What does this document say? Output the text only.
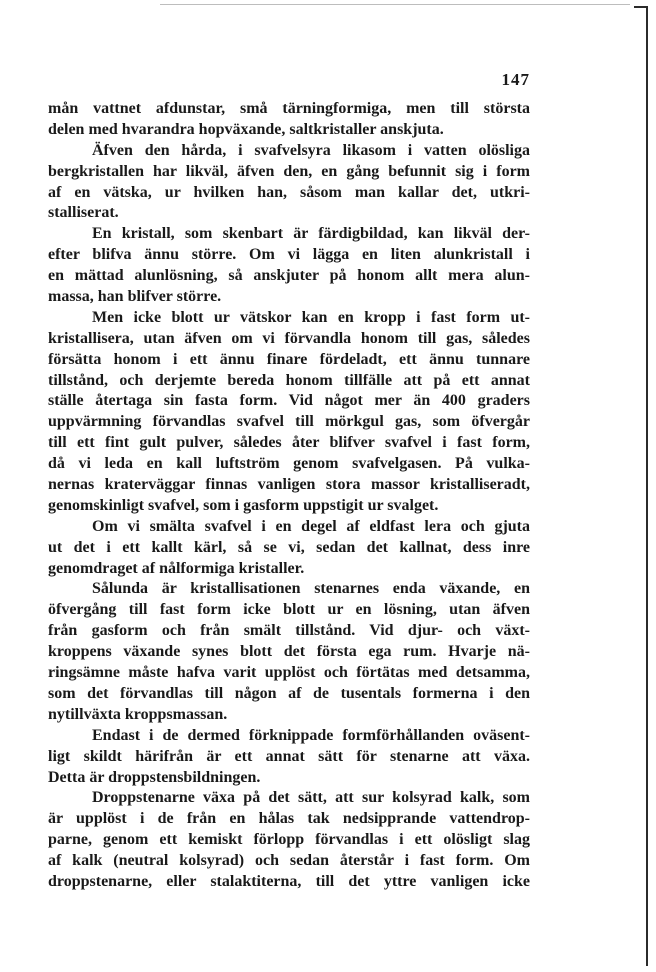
147
mån vattnet afdunstar, små tärningformiga, men till största
delen med hvarandra hopväxande, saltkristaller anskjuta.
Äfven den hårda, i svafvelsyra likasom i vatten olösliga
bergkristallen har likväl, äfven den, en gång befunnit sig i form
af en vätska, ur hvilken han, såsom man kallar det, utkri-
stalliserat.
En kristall, som skenbart är färdigbildad, kan likväl der-
efter blifva ännu större. Om vi lägga en liten alunkristall i
en mättad alunlösning, så anskjuter på honom allt mera alun-
massa, han blifver större.
Men icke blott ur vätskor kan en kropp i fast form ut-
kristallisera, utan äfven om vi förvandla honom till gas, således
försätta honom i ett ännu finare fördeladt, ett ännu tunnare
tillstånd, och derjemte bereda honom tillfälle att på ett annat
ställe återtaga sin fasta form. Vid något mer än 400 graders
uppvärmning förvandlas svafvel till mörkgul gas, som öfvergår
till ett fint gult pulver, således åter blifver svafvel i fast form,
då vi leda en kall luftström genom svafvelgasen. På vulka-
nernas kraterväggar finnas vanligen stora massor kristalliseradt,
genomskinligt svafvel, som i gasform uppstigit ur svalget.
Om vi smälta svafvel i en degel af eldfast lera och gjuta
ut det i ett kallt kärl, så se vi, sedan det kallnat, dess inre
genomdraget af nålformiga kristaller.
Sålunda är kristallisationen stenarnes enda växande, en
öfvergång till fast form icke blott ur en lösning, utan äfven
från gasform och från smält tillstånd. Vid djur- och växt-
kroppens växande synes blott det första ega rum. Hvarje nä-
ringsämne måste hafva varit upplöst och förtätas med detsamma,
som det förvandlas till någon af de tusentals formerna i den
nytillväxta kroppsmassan.
Endast i de dermed förknippade formförhållanden oväsent-
ligt skildt härifrån är ett annat sätt för stenarne att växa.
Detta är droppstensbildningen.
Droppstenarne växa på det sätt, att sur kolsyrad kalk, som
är upplöst i de från en hålas tak nedsipprande vattendrop-
parne, genom ett kemiskt förlopp förvandlas i ett olösligt slag
af kalk (neutral kolsyrad) och sedan återstår i fast form. Om
droppstenarne, eller stalaktiterna, till det yttre vanligen icke
